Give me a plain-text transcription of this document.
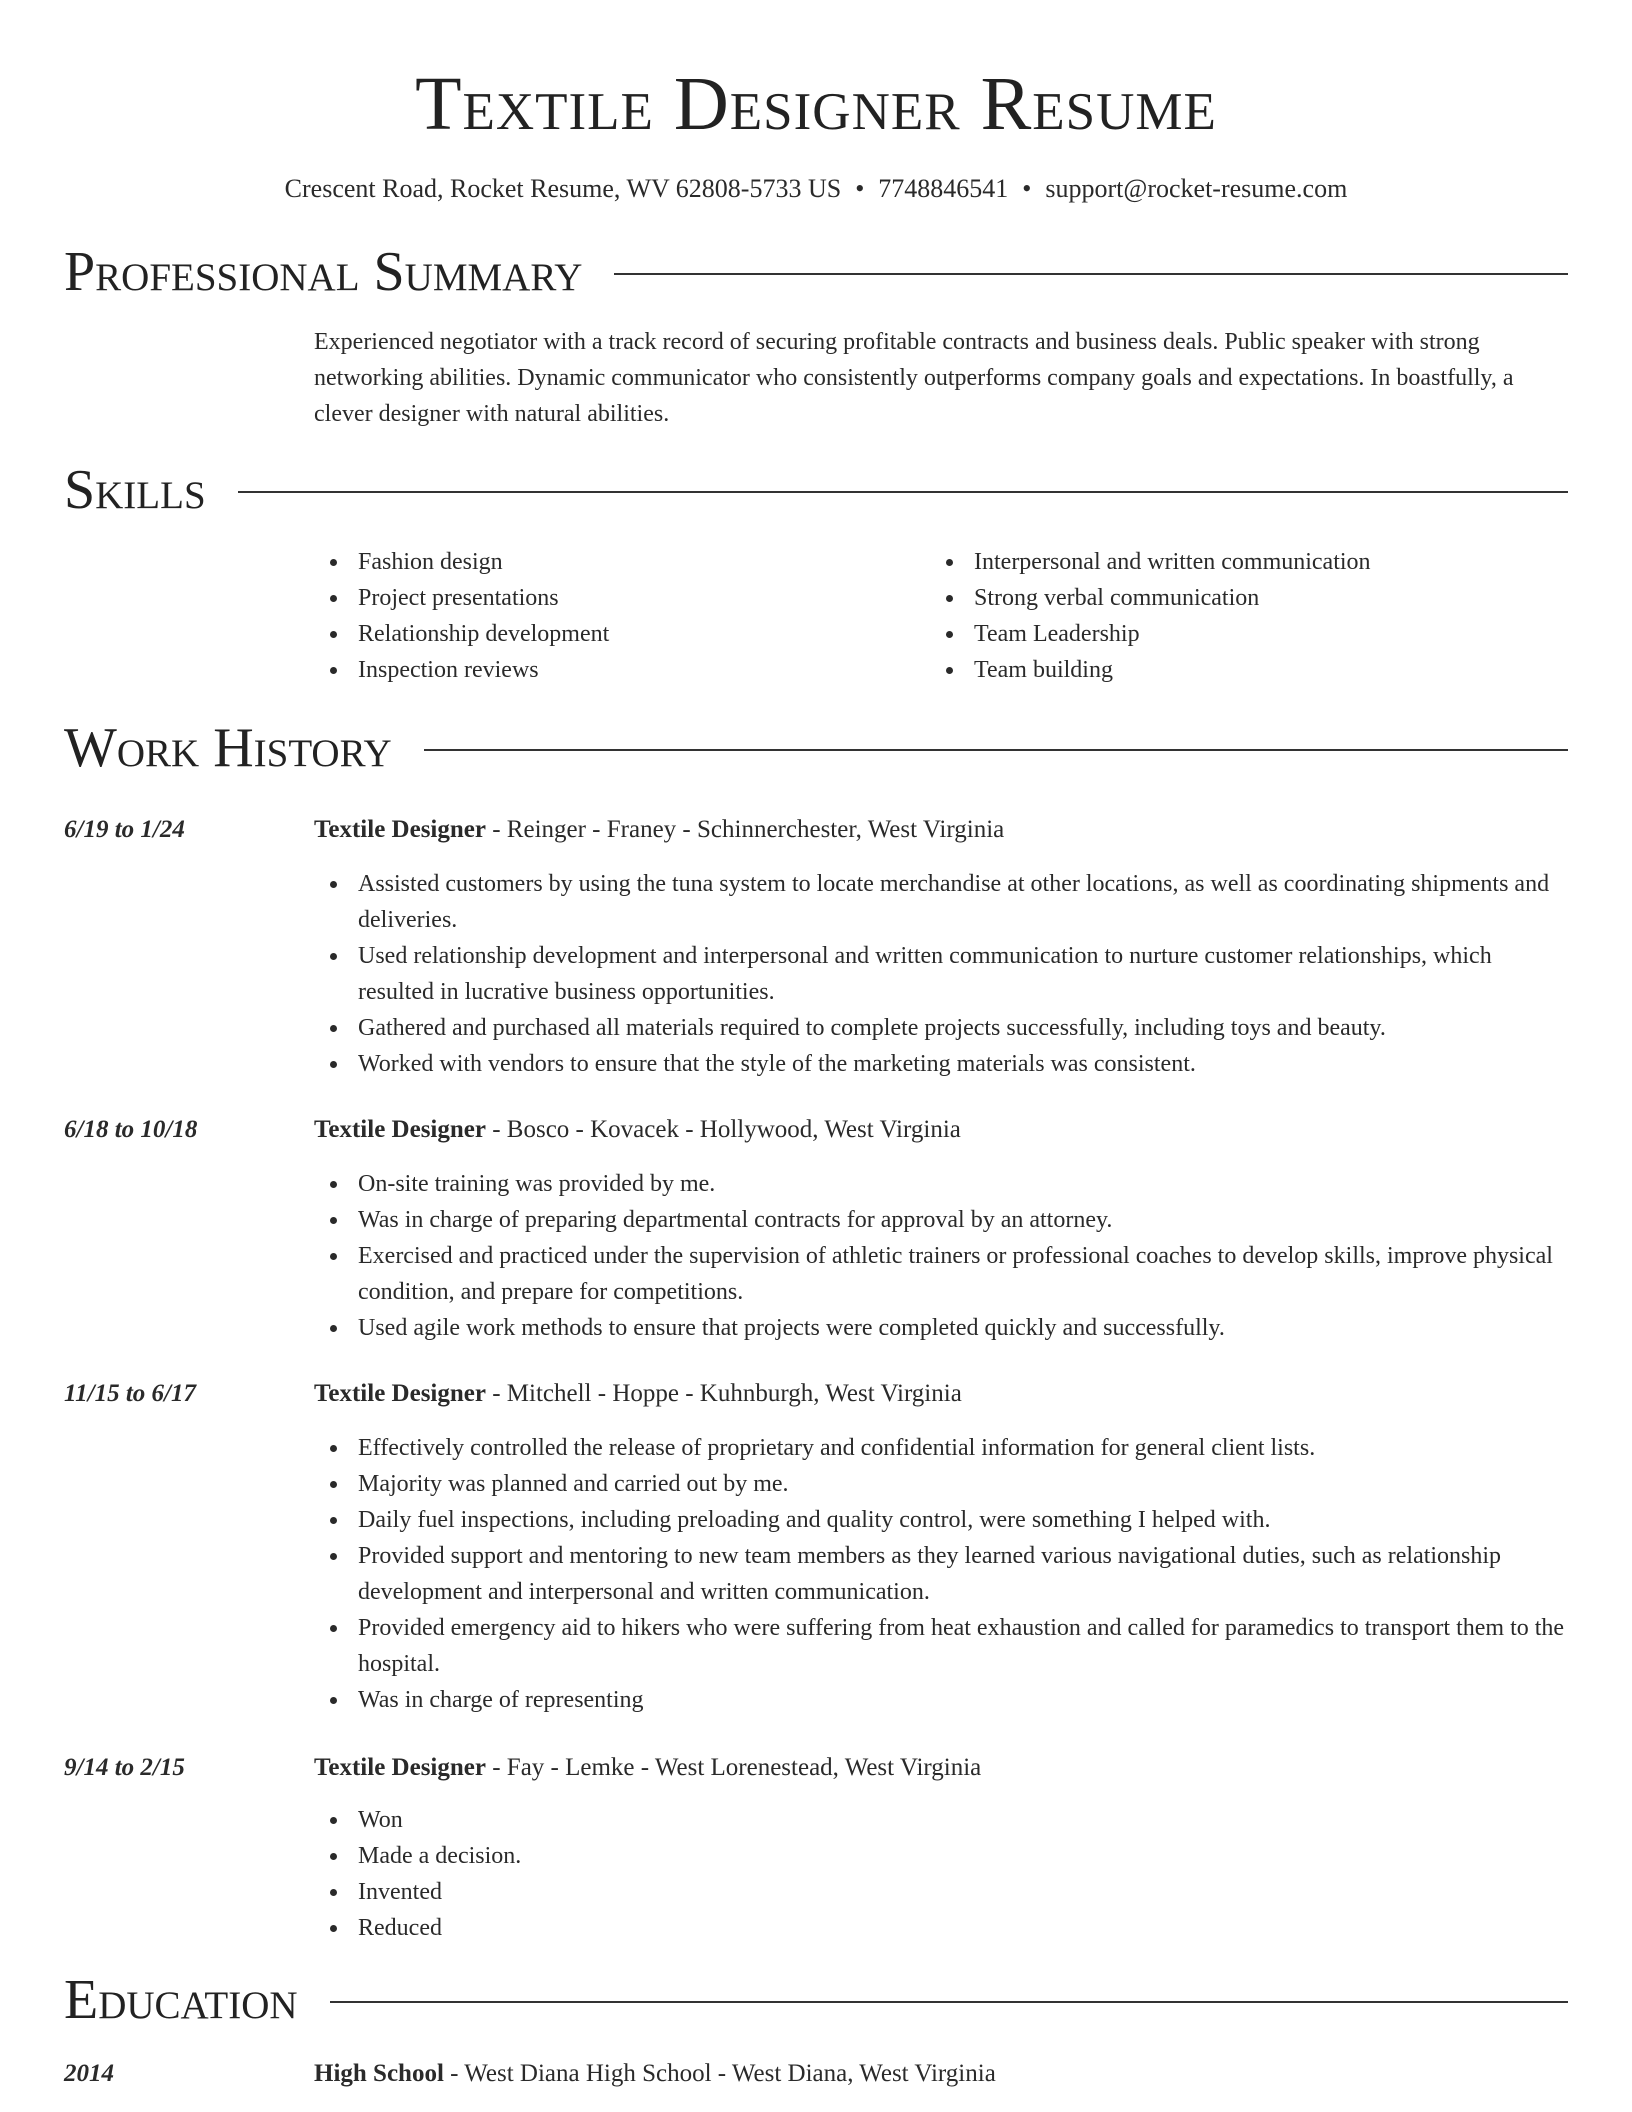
Textile Designer Resume
Crescent Road, Rocket Resume, WV 62808-5733 US • 7748846541 • support@rocket-resume.com
Professional Summary
Experienced negotiator with a track record of securing profitable contracts and business deals. Public speaker with strong networking abilities. Dynamic communicator who consistently outperforms company goals and expectations. In boastfully, a clever designer with natural abilities.
Skills
Fashion design
Project presentations
Relationship development
Inspection reviews
Interpersonal and written communication
Strong verbal communication
Team Leadership
Team building
Work History
6/19 to 1/24	Textile Designer - Reinger - Franey - Schinnerchester, West Virginia
Assisted customers by using the tuna system to locate merchandise at other locations, as well as coordinating shipments and deliveries.
Used relationship development and interpersonal and written communication to nurture customer relationships, which resulted in lucrative business opportunities.
Gathered and purchased all materials required to complete projects successfully, including toys and beauty.
Worked with vendors to ensure that the style of the marketing materials was consistent.
6/18 to 10/18	Textile Designer - Bosco - Kovacek - Hollywood, West Virginia
On-site training was provided by me.
Was in charge of preparing departmental contracts for approval by an attorney.
Exercised and practiced under the supervision of athletic trainers or professional coaches to develop skills, improve physical condition, and prepare for competitions.
Used agile work methods to ensure that projects were completed quickly and successfully.
11/15 to 6/17	Textile Designer - Mitchell - Hoppe - Kuhnburgh, West Virginia
Effectively controlled the release of proprietary and confidential information for general client lists.
Majority was planned and carried out by me.
Daily fuel inspections, including preloading and quality control, were something I helped with.
Provided support and mentoring to new team members as they learned various navigational duties, such as relationship development and interpersonal and written communication.
Provided emergency aid to hikers who were suffering from heat exhaustion and called for paramedics to transport them to the hospital.
Was in charge of representing
9/14 to 2/15	Textile Designer - Fay - Lemke - West Lorenestead, West Virginia
Won
Made a decision.
Invented
Reduced
Education
2014	High School - West Diana High School - West Diana, West Virginia
